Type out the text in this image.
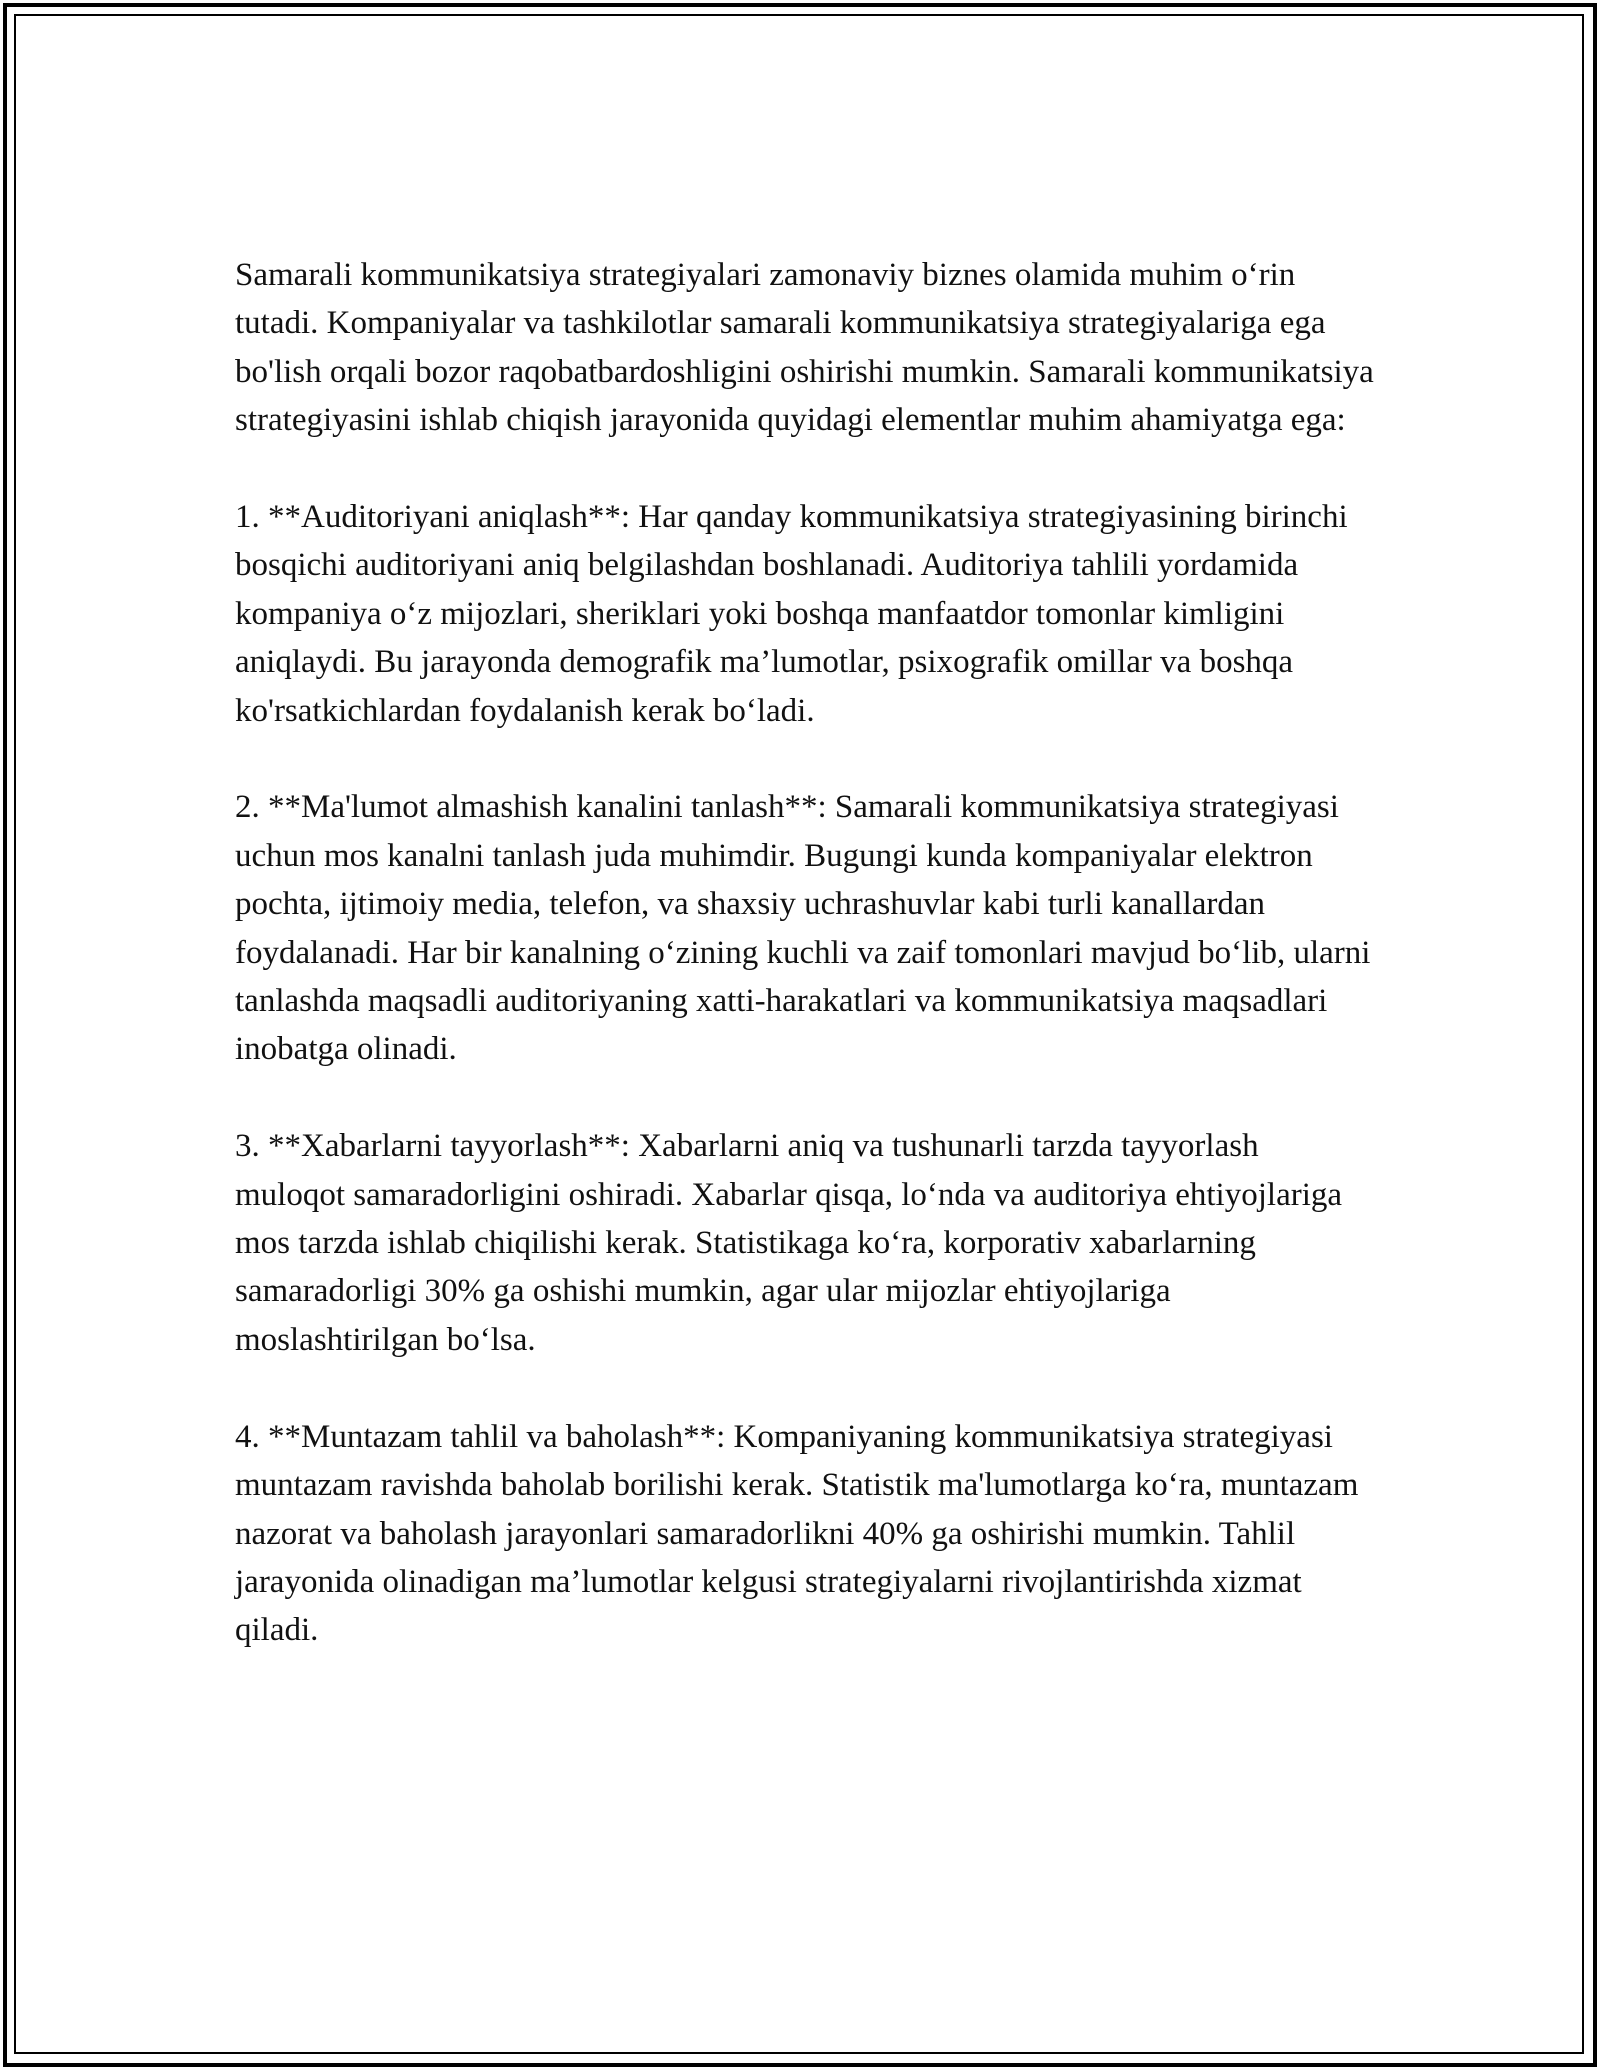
Samarali kommunikatsiya strategiyalari zamonaviy biznes olamida muhim o‘rin tutadi. Kompaniyalar va tashkilotlar samarali kommunikatsiya strategiyalariga ega bo'lish orqali bozor raqobatbardoshligini oshirishi mumkin. Samarali kommunikatsiya strategiyasini ishlab chiqish jarayonida quyidagi elementlar muhim ahamiyatga ega:

1. **Auditoriyani aniqlash**: Har qanday kommunikatsiya strategiyasining birinchi bosqichi auditoriyani aniq belgilashdan boshlanadi. Auditoriya tahlili yordamida kompaniya o‘z mijozlari, sheriklari yoki boshqa manfaatdor tomonlar kimligini aniqlaydi. Bu jarayonda demografik ma’lumotlar, psixografik omillar va boshqa ko'rsatkichlardan foydalanish kerak bo‘ladi.

2. **Ma'lumot almashish kanalini tanlash**: Samarali kommunikatsiya strategiyasi uchun mos kanalni tanlash juda muhimdir. Bugungi kunda kompaniyalar elektron pochta, ijtimoiy media, telefon, va shaxsiy uchrashuvlar kabi turli kanallardan foydalanadi. Har bir kanalning o‘zining kuchli va zaif tomonlari mavjud bo‘lib, ularni tanlashda maqsadli auditoriyaning xatti-harakatlari va kommunikatsiya maqsadlari inobatga olinadi.

3. **Xabarlarni tayyorlash**: Xabarlarni aniq va tushunarli tarzda tayyorlash muloqot samaradorligini oshiradi. Xabarlar qisqa, lo‘nda va auditoriya ehtiyojlariga mos tarzda ishlab chiqilishi kerak. Statistikaga ko‘ra, korporativ xabarlarning samaradorligi 30% ga oshishi mumkin, agar ular mijozlar ehtiyojlariga moslashtirilgan bo‘lsa.

4. **Muntazam tahlil va baholash**: Kompaniyaning kommunikatsiya strategiyasi muntazam ravishda baholab borilishi kerak. Statistik ma'lumotlarga ko‘ra, muntazam nazorat va baholash jarayonlari samaradorlikni 40% ga oshirishi mumkin. Tahlil jarayonida olinadigan ma’lumotlar kelgusi strategiyalarni rivojlantirishda xizmat qiladi.
